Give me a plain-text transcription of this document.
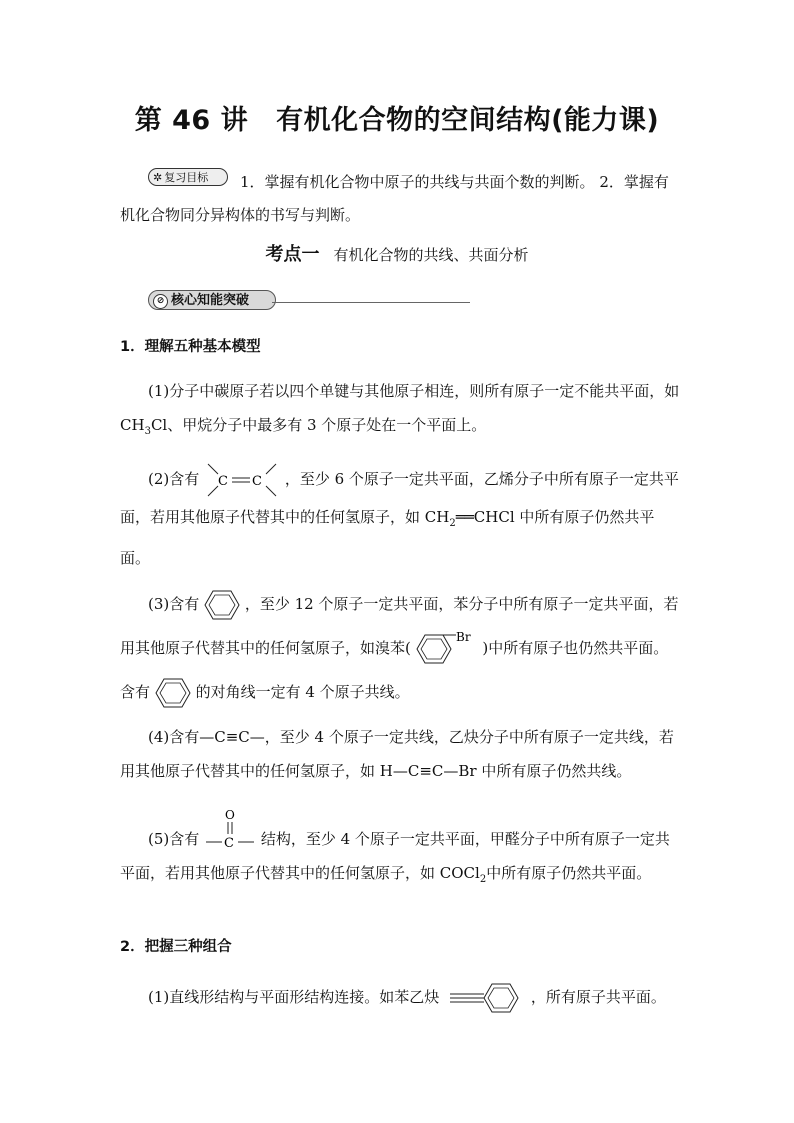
第 46 讲 有机化合物的空间结构(能力课)
1．掌握有机化合物中原子的共线与共面个数的判断。 2．掌握有机化合物同分异构体的书写与判断。
✲ 复习目标
考点一 有机化合物的共线、共面分析
⊘ 核心知能突破
1．理解五种基本模型
(1)分子中碳原子若以四个单键与其他原子相连，则所有原子一定不能共平面，如 $CH_3Cl$、甲烷分子中最多有 3 个原子处在一个平面上。
(2)含有 C C ，至少 6 个原子一定共平面，乙烯分子中所有原子一定共平面，若用其他原子代替其中的任何氢原子，如 $CH_2══CHCl$ 中所有原子仍然共平面。
(3)含有	，至少 12 个原子一定共平面，苯分子中所有原子一定共平面，若用其他原子代替其中的任何氢原子，如溴苯(
Br
)中所有原子也仍然共平面。含有	的对角线一定有 4 个原子共线。
(4)含有—C≡C—，至少 4 个原子一定共线，乙炔分子中所有原子一定共线，若用其他原子代替其中的任何氢原子，如 H—C≡C—Br 中所有原子仍然共线。
(5)含有
O
C 结构，至少 4 个原子一定共平面，甲醛分子中所有原子一定共平面，若用其他原子代替其中的任何氢原子，如 COCl$_2$中所有原子仍然共平面。
2．把握三种组合
(1)直线形结构与平面形结构连接。如苯乙炔	，所有原子共平面。
